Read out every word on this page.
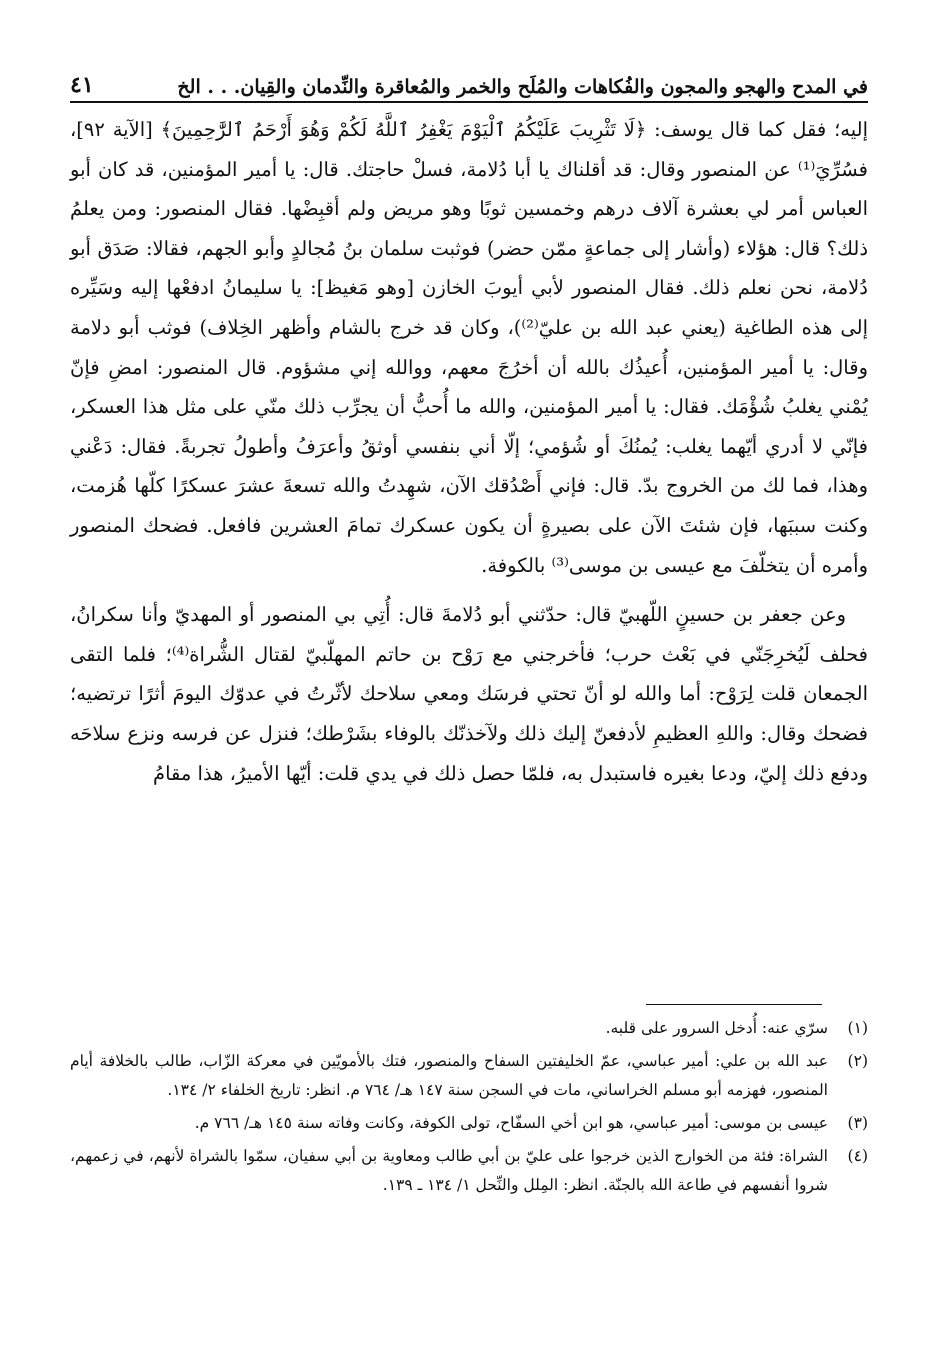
في المدح والهجو والمجون والفُكاهات والمُلَح والخمر والمُعاقرة والنِّدمان والقِيان. . . الخ
٤١

إليه؛ فقل كما قال يوسف: ﴿لَا تَثْرِيبَ عَلَيْكُمُ ٱلْيَوْمَ يَغْفِرُ ٱللَّهُ لَكُمْ وَهُوَ أَرْحَمُ ٱلرَّٰحِمِينَ﴾ [الآية ٩٢]، فسُرِّيَ⁽¹⁾ عن المنصور وقال: قد أقلناك يا أبا دُلامة، فسلْ حاجتك. قال: يا أمير المؤمنين، قد كان أبو العباس أمر لي بعشرة آلاف درهم وخمسين ثوبًا وهو مريض ولم أقبِضْها. فقال المنصور: ومن يعلمُ ذلك؟ قال: هؤلاء (وأشار إلى جماعةٍ ممّن حضر) فوثبت سلمان بنُ مُجالدٍ وأبو الجهم، فقالا: صَدَق أبو دُلامة، نحن نعلم ذلك. فقال المنصور لأبي أيوبَ الخازن [وهو مَغيظ]: يا سليمانُ ادفعْها إليه وسَيِّره إلى هذه الطاغية (يعني عبد الله بن عليّ⁽²⁾)، وكان قد خرج بالشام وأظهر الخِلاف) فوثب أبو دلامة وقال: يا أمير المؤمنين، أُعيذُك بالله أن أخرُجَ معهم، ووالله إني مشؤوم. قال المنصور: امضِ فإنّ يُمْني يغلبُ شُؤْمَك. فقال: يا أمير المؤمنين، والله ما أُحبُّ أن يجرِّب ذلك منّي على مثل هذا العسكر، فإنّي لا أدري أيّهما يغلب: يُمنُكَ أو شُؤمي؛ إلّا أني بنفسي أوثقُ وأعرَفُ وأطولُ تجربةً. فقال: دَعْني وهذا، فما لك من الخروج بدّ. قال: فإني أَصْدُقك الآن، شهِدتُ والله تسعةَ عشرَ عسكرًا كلّها هُزمت، وكنت سببَها، فإن شئتَ الآن على بصيرةٍ أن يكون عسكرك تمامَ العشرين فافعل. فضحك المنصور وأمره أن يتخلّفَ مع عيسى بن موسى⁽³⁾ بالكوفة.

وعن جعفر بن حسينٍ اللّهبيّ قال: حدّثني أبو دُلامةَ قال: أُتِي بي المنصور أو المهديّ وأنا سكرانُ، فحلف لَيُخرِجَنّي في بَعْث حرب؛ فأخرجني مع رَوْح بن حاتم المهلّبيّ لقتال الشُّراة⁽⁴⁾؛ فلما التقى الجمعان قلت لِرَوْح: أما والله لو أنّ تحتي فرسَك ومعي سلاحك لأثّرتُ في عدوّك اليومَ أثرًا ترتضيه؛ فضحك وقال: واللهِ العظيمِ لأدفعنّ إليك ذلك ولآخذنّك بالوفاء بشَرْطك؛ فنزل عن فرسه ونزع سلاحَه ودفع ذلك إليّ، ودعا بغيره فاستبدل به، فلمّا حصل ذلك في يدي قلت: أيّها الأميرُ، هذا مقامُ

(١)
سرّي عنه: أُدخل السرور على قلبه.
(٢)
عبد الله بن علي: أمير عباسي، عمّ الخليفتين السفاح والمنصور، فتك بالأمويّين في معركة الزّاب، طالب بالخلافة أيام المنصور، فهزمه أبو مسلم الخراساني، مات في السجن سنة ١٤٧ هـ/ ٧٦٤ م. انظر: تاريخ الخلفاء ٢/ ١٣٤.
(٣)
عيسى بن موسى: أمير عباسي، هو ابن أخي السفّاح، تولى الكوفة، وكانت وفاته سنة ١٤٥ هـ/ ٧٦٦ م.
(٤)
الشراة: فئة من الخوارج الذين خرجوا على عليّ بن أبي طالب ومعاوية بن أبي سفيان، سمّوا بالشراة لأنهم، في زعمهم، شروا أنفسهم في طاعة الله بالجنّة. انظر: المِلل والنِّحل ١/ ١٣٤ ـ ١٣٩.
